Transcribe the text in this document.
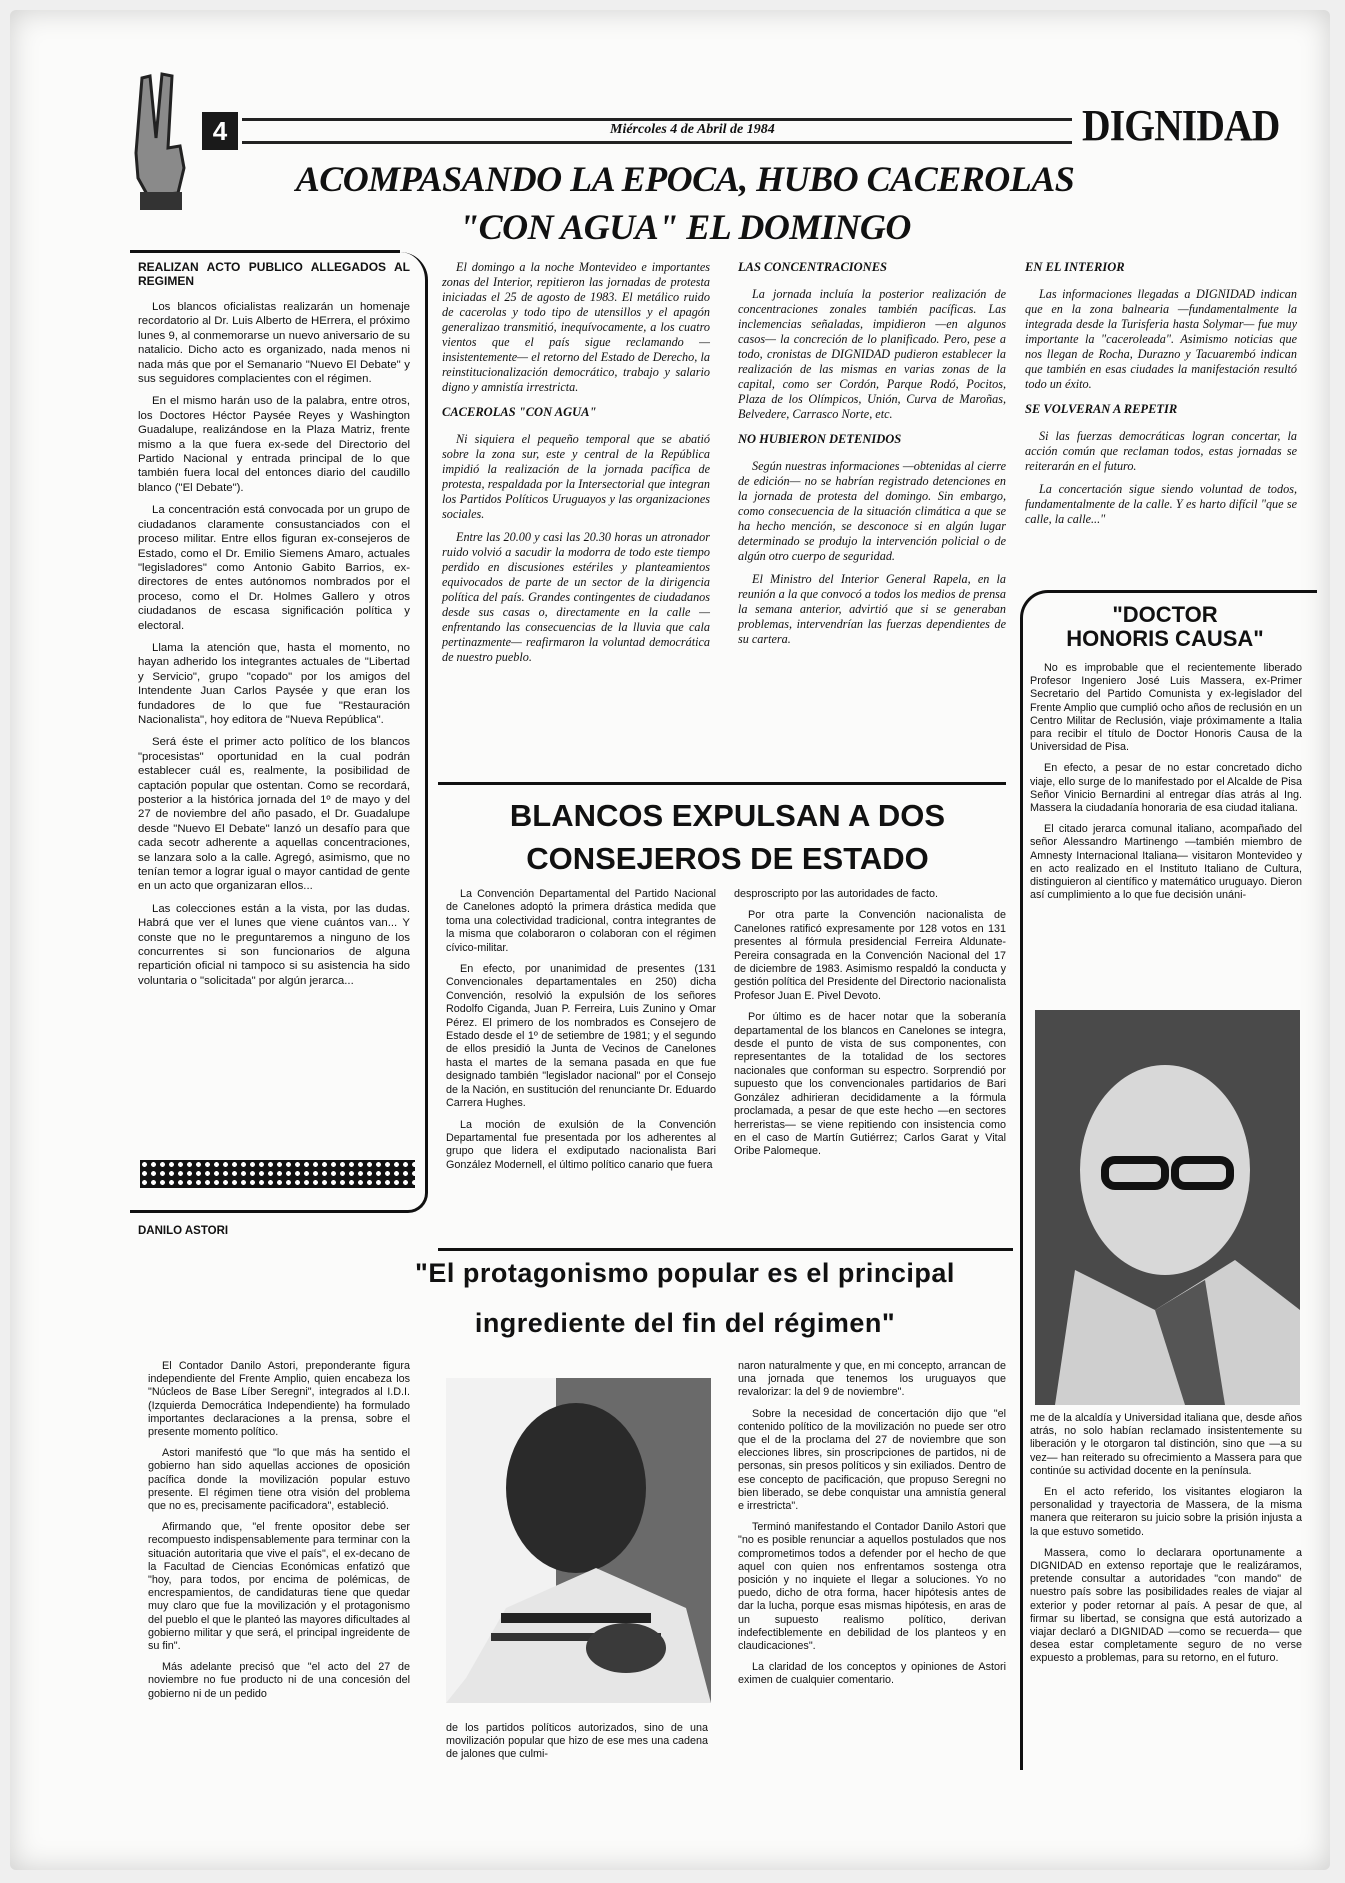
4	Miércoles 4 de Abril de 1984	DIGNIDAD
ACOMPASANDO LA EPOCA, HUBO CACEROLAS
"CON AGUA" EL DOMINGO
REALIZAN ACTO PUBLICO ALLEGADOS AL REGIMEN

Los blancos oficialistas realizarán un homenaje recordatorio al Dr. Luis Alberto de HErrera, el próximo lunes 9, al conmemorarse un nuevo aniversario de su natalicio. Dicho acto es organizado, nada menos ni nada más que por el Semanario "Nuevo El Debate" y sus seguidores complacientes con el régimen.

En el mismo harán uso de la palabra, entre otros, los Doctores Héctor Paysée Reyes y Washington Guadalupe, realizándose en la Plaza Matriz, frente mismo a la que fuera ex-sede del Directorio del Partido Nacional y entrada principal de lo que también fuera local del entonces diario del caudillo blanco ("El Debate").

La concentración está convocada por un grupo de ciudadanos claramente consustanciados con el proceso militar. Entre ellos figuran ex-consejeros de Estado, como el Dr. Emilio Siemens Amaro, actuales "legisladores" como Antonio Gabito Barrios, ex-directores de entes autónomos nombrados por el proceso, como el Dr. Holmes Gallero y otros ciudadanos de escasa significación política y electoral.

Llama la atención que, hasta el momento, no hayan adherido los integrantes actuales de "Libertad y Servicio", grupo "copado" por los amigos del Intendente Juan Carlos Paysée y que eran los fundadores de lo que fue "Restauración Nacionalista", hoy editora de "Nueva República".

Será éste el primer acto político de los blancos "procesistas" oportunidad en la cual podrán establecer cuál es, realmente, la posibilidad de captación popular que ostentan. Como se recordará, posterior a la histórica jornada del 1º de mayo y del 27 de noviembre del año pasado, el Dr. Guadalupe desde "Nuevo El Debate" lanzó un desafío para que cada secotr adherente a aquellas concentraciones, se lanzara solo a la calle. Agregó, asimismo, que no tenían temor a lograr igual o mayor cantidad de gente en un acto que organizaran ellos...

Las colecciones están a la vista, por las dudas. Habrá que ver el lunes que viene cuántos van... Y conste que no le preguntaremos a ninguno de los concurrentes si son funcionarios de alguna repartición oficial ni tampoco si su asistencia ha sido voluntaria o "solicitada" por algún jerarca...

DANILO ASTORI

El domingo a la noche Montevideo e importantes zonas del Interior, repitieron las jornadas de protesta iniciadas el 25 de agosto de 1983. El metálico ruido de cacerolas y todo tipo de utensillos y el apagón generalizao transmitió, inequívocamente, a los cuatro vientos que el país sigue reclamando —insistentemente— el retorno del Estado de Derecho, la reinstitucionalización democrático, trabajo y salario digno y amnistía irrestricta.

CACEROLAS "CON AGUA"

Ni siquiera el pequeño temporal que se abatió sobre la zona sur, este y central de la República impidió la realización de la jornada pacífica de protesta, respaldada por la Intersectorial que integran los Partidos Políticos Uruguayos y las organizaciones sociales.

Entre las 20.00 y casi las 20.30 horas un atronador ruido volvió a sacudir la modorra de todo este tiempo perdido en discusiones estériles y planteamientos equivocados de parte de un sector de la dirigencia política del país. Grandes contingentes de ciudadanos desde sus casas o, directamente en la calle —enfrentando las consecuencias de la lluvia que cala pertinazmente— reafirmaron la voluntad democrática de nuestro pueblo.

LAS CONCENTRACIONES

La jornada incluía la posterior realización de concentraciones zonales también pacíficas. Las inclemencias señaladas, impidieron —en algunos casos— la concreción de lo planificado. Pero, pese a todo, cronistas de DIGNIDAD pudieron establecer la realización de las mismas en varias zonas de la capital, como ser Cordón, Parque Rodó, Pocitos, Plaza de los Olímpicos, Unión, Curva de Maroñas, Belvedere, Carrasco Norte, etc.

NO HUBIERON DETENIDOS

Según nuestras informaciones —obtenidas al cierre de edición— no se habrían registrado detenciones en la jornada de protesta del domingo. Sin embargo, como consecuencia de la situación climática a que se ha hecho mención, se desconoce si en algún lugar determinado se produjo la intervención policial o de algún otro cuerpo de seguridad.

El Ministro del Interior General Rapela, en la reunión a la que convocó a todos los medios de prensa la semana anterior, advirtió que si se generaban problemas, intervendrían las fuerzas dependientes de su cartera.

EN EL INTERIOR

Las informaciones llegadas a DIGNIDAD indican que en la zona balnearia —fundamentalmente la integrada desde la Turisferia hasta Solymar— fue muy importante la "caceroleada". Asimismo noticias que nos llegan de Rocha, Durazno y Tacuarembó indican que también en esas ciudades la manifestación resultó todo un éxito.

SE VOLVERAN A REPETIR

Si las fuerzas democráticas logran concertar, la acción común que reclaman todos, estas jornadas se reiterarán en el futuro.

La concertación sigue siendo voluntad de todos, fundamentalmente de la calle. Y es harto difícil "que se calle, la calle..."

BLANCOS EXPULSAN A DOS
CONSEJEROS DE ESTADO

La Convención Departamental del Partido Nacional de Canelones adoptó la primera drástica medida que toma una colectividad tradicional, contra integrantes de la misma que colaboraron o colaboran con el régimen cívico-militar.

En efecto, por unanimidad de presentes (131 Convencionales departamentales en 250) dicha Convención, resolvió la expulsión de los señores Rodolfo Ciganda, Juan P. Ferreira, Luis Zunino y Omar Pérez. El primero de los nombrados es Consejero de Estado desde el 1º de setiembre de 1981; y el segundo de ellos presidió la Junta de Vecinos de Canelones hasta el martes de la semana pasada en que fue designado también "legislador nacional" por el Consejo de la Nación, en sustitución del renunciante Dr. Eduardo Carrera Hughes.

La moción de exulsión de la Convención Departamental fue presentada por los adherentes al grupo que lidera el exdiputado nacionalista Bari González Modernell, el último político canario que fuera

desproscripto por las autoridades de facto.

Por otra parte la Convención nacionalista de Canelones ratificó expresamente por 128 votos en 131 presentes al fórmula presidencial Ferreira Aldunate-Pereira consagrada en la Convención Nacional del 17 de diciembre de 1983. Asimismo respaldó la conducta y gestión política del Presidente del Directorio nacionalista Profesor Juan E. Pivel Devoto.

Por último es de hacer notar que la soberanía departamental de los blancos en Canelones se integra, desde el punto de vista de sus componentes, con representantes de la totalidad de los sectores nacionales que conforman su espectro. Sorprendió por supuesto que los convencionales partidarios de Bari González adhirieran decididamente a la fórmula proclamada, a pesar de que este hecho —en sectores herreristas— se viene repitiendo con insistencia como en el caso de Martín Gutiérrez; Carlos Garat y Vital Oribe Palomeque.

"DOCTOR
HONORIS CAUSA"

No es improbable que el recientemente liberado Profesor Ingeniero José Luis Massera, ex-Primer Secretario del Partido Comunista y ex-legislador del Frente Amplio que cumplió ocho años de reclusión en un Centro Militar de Reclusión, viaje próximamente a Italia para recibir el título de Doctor Honoris Causa de la Universidad de Pisa.

En efecto, a pesar de no estar concretado dicho viaje, ello surge de lo manifestado por el Alcalde de Pisa Señor Vinicio Bernardini al entregar días atrás al Ing. Massera la ciudadanía honoraria de esa ciudad italiana.

El citado jerarca comunal italiano, acompañado del señor Alessandro Martinengo —también miembro de Amnesty Internacional Italiana— visitaron Montevideo y en acto realizado en el Instituto Italiano de Cultura, distinguieron al científico y matemático uruguayo. Dieron así cumplimiento a lo que fue decisión unáni-

me de la alcaldía y Universidad italiana que, desde años atrás, no solo habían reclamado insistentemente su liberación y le otorgaron tal distinción, sino que —a su vez— han reiterado su ofrecimiento a Massera para que continúe su actividad docente en la península.

En el acto referido, los visitantes elogiaron la personalidad y trayectoria de Massera, de la misma manera que reiteraron su juicio sobre la prisión injusta a la que estuvo sometido.

Massera, como lo declarara oportunamente a DIGNIDAD en extenso reportaje que le realizáramos, pretende consultar a autoridades "con mando" de nuestro país sobre las posibilidades reales de viajar al exterior y poder retornar al país. A pesar de que, al firmar su libertad, se consigna que está autorizado a viajar declaró a DIGNIDAD —como se recuerda— que desea estar completamente seguro de no verse expuesto a problemas, para su retorno, en el futuro.

"El protagonismo popular es el principal
ingrediente del fin del régimen"

El Contador Danilo Astori, preponderante figura independiente del Frente Amplio, quien encabeza los "Núcleos de Base Líber Seregni", integrados al I.D.I. (Izquierda Democrática Independiente) ha formulado importantes declaraciones a la prensa, sobre el presente momento político.

Astori manifestó que "lo que más ha sentido el gobierno han sido aquellas acciones de oposición pacífica donde la movilización popular estuvo presente. El régimen tiene otra visión del problema que no es, precisamente pacificadora", estableció.

Afirmando que, "el frente opositor debe ser recompuesto indispensablemente para terminar con la situación autoritaria que vive el país", el ex-decano de la Facultad de Ciencias Económicas enfatizó que "hoy, para todos, por encima de polémicas, de encrespamientos, de candidaturas tiene que quedar muy claro que fue la movilización y el protagonismo del pueblo el que le planteó las mayores dificultades al gobierno militar y que será, el principal ingreidente de su fin".

Más adelante precisó que "el acto del 27 de noviembre no fue producto ni de una concesión del gobierno ni de un pedido

de los partidos políticos autorizados, sino de una movilización popular que hizo de ese mes una cadena de jalones que culmi-

naron naturalmente y que, en mi concepto, arrancan de una jornada que tenemos los uruguayos que revalorizar: la del 9 de noviembre".

Sobre la necesidad de concertación dijo que "el contenido político de la movilización no puede ser otro que el de la proclama del 27 de noviembre que son elecciones libres, sin proscripciones de partidos, ni de personas, sin presos políticos y sin exiliados. Dentro de ese concepto de pacificación, que propuso Seregni no bien liberado, se debe conquistar una amnistía general e irrestricta".

Terminó manifestando el Contador Danilo Astori que "no es posible renunciar a aquellos postulados que nos comprometimos todos a defender por el hecho de que aquel con quien nos enfrentamos sostenga otra posición y no inquiete el llegar a soluciones. Yo no puedo, dicho de otra forma, hacer hipótesis antes de dar la lucha, porque esas mismas hipótesis, en aras de un supuesto realismo político, derivan indefectiblemente en debilidad de los planteos y en claudicaciones".

La claridad de los conceptos y opiniones de Astori eximen de cualquier comentario.
